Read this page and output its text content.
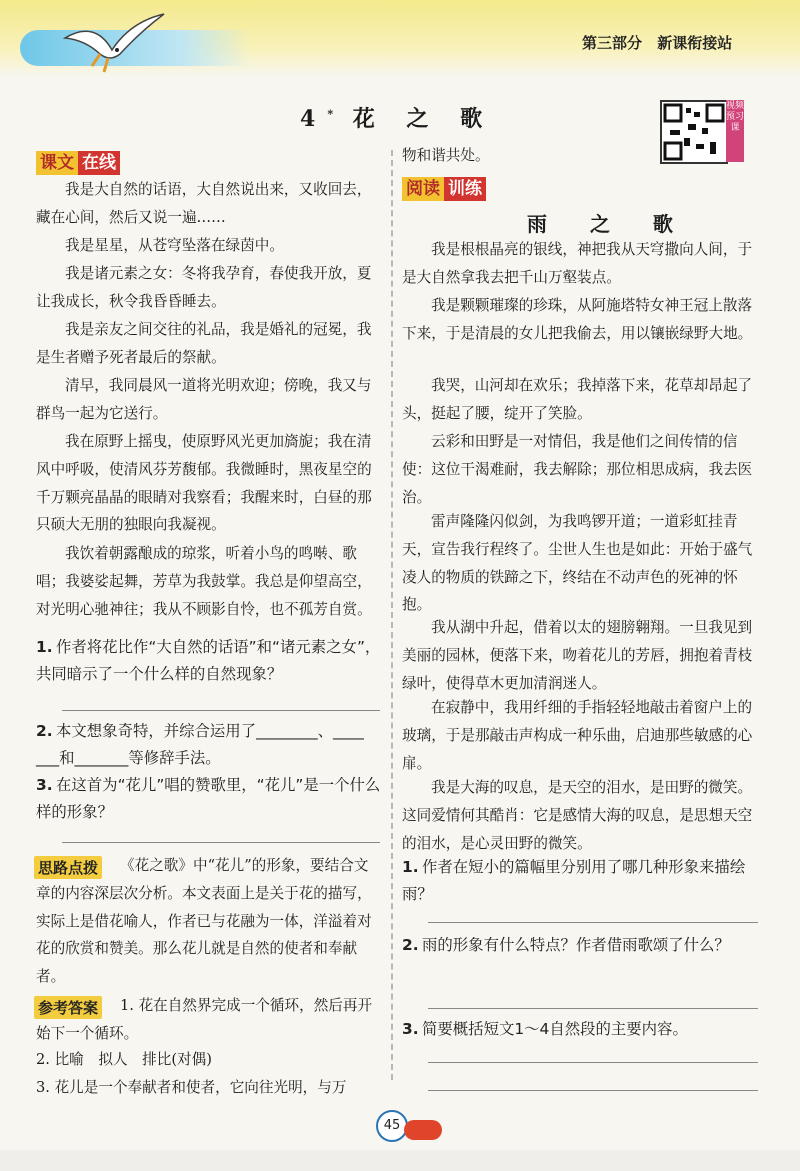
第三部分 新课衔接站
4* 花 之 歌	视频预习课
课文 在线

我是大自然的话语，大自然说出来，又收回去，藏在心间，然后又说一遍……

我是星星，从苍穹坠落在绿茵中。

我是诸元素之女：冬将我孕育，春使我开放，夏让我成长，秋令我昏昏睡去。

我是亲友之间交往的礼品，我是婚礼的冠冕，我是生者赠予死者最后的祭献。

清早，我同晨风一道将光明欢迎；傍晚，我又与群鸟一起为它送行。

我在原野上摇曳，使原野风光更加旖旎；我在清风中呼吸，使清风芬芳馥郁。我微睡时，黑夜星空的千万颗亮晶晶的眼睛对我察看；我醒来时，白昼的那只硕大无朋的独眼向我凝视。

我饮着朝露酿成的琼浆，听着小鸟的鸣啭、歌唱；我婆娑起舞，芳草为我鼓掌。我总是仰望高空，对光明心驰神往；我从不顾影自怜，也不孤芳自赏。

1. 作者将花比作“大自然的话语”和“诸元素之女”，共同暗示了一个什么样的自然现象？
2. 本文想象奇特，并综合运用了________、____ ___和_______等修辞手法。
3. 在这首为“花儿”唱的赞歌里，“花儿”是一个什么样的形象？
思路点拨	《花之歌》中“花儿”的形象，要结合文章的内容深层次分析。本文表面上是关于花的描写，实际上是借花喻人，作者已与花融为一体，洋溢着对花的欣赏和赞美。那么花儿就是自然的使者和奉献者。

参考答案	1. 花在自然界完成一个循环，然后再开始下一个循环。

2. 比喻　拟人　排比(对偶)

3. 花儿是一个奉献者和使者，它向往光明，与万

物和谐共处。

阅读 训练
雨 之 歌

我是根根晶亮的银线，神把我从天穹撒向人间，于是大自然拿我去把千山万壑装点。

我是颗颗璀璨的珍珠，从阿施塔特女神王冠上散落下来，于是清晨的女儿把我偷去，用以镶嵌绿野大地。

我哭，山河却在欢乐；我掉落下来，花草却昂起了头，挺起了腰，绽开了笑脸。

云彩和田野是一对情侣，我是他们之间传情的信使：这位干渴难耐，我去解除；那位相思成病，我去医治。

雷声隆隆闪似剑，为我鸣锣开道；一道彩虹挂青天，宣告我行程终了。尘世人生也是如此：开始于盛气凌人的物质的铁蹄之下，终结在不动声色的死神的怀抱。

我从湖中升起，借着以太的翅膀翱翔。一旦我见到美丽的园林，便落下来，吻着花儿的芳唇，拥抱着青枝绿叶，使得草木更加清润迷人。

在寂静中，我用纤细的手指轻轻地敲击着窗户上的玻璃，于是那敲击声构成一种乐曲，启迪那些敏感的心扉。

我是大海的叹息，是天空的泪水，是田野的微笑。这同爱情何其酷肖：它是感情大海的叹息，是思想天空的泪水，是心灵田野的微笑。

1. 作者在短小的篇幅里分别用了哪几种形象来描绘雨？
2. 雨的形象有什么特点？作者借雨歌颂了什么？
3. 简要概括短文1～4自然段的主要内容。
45
